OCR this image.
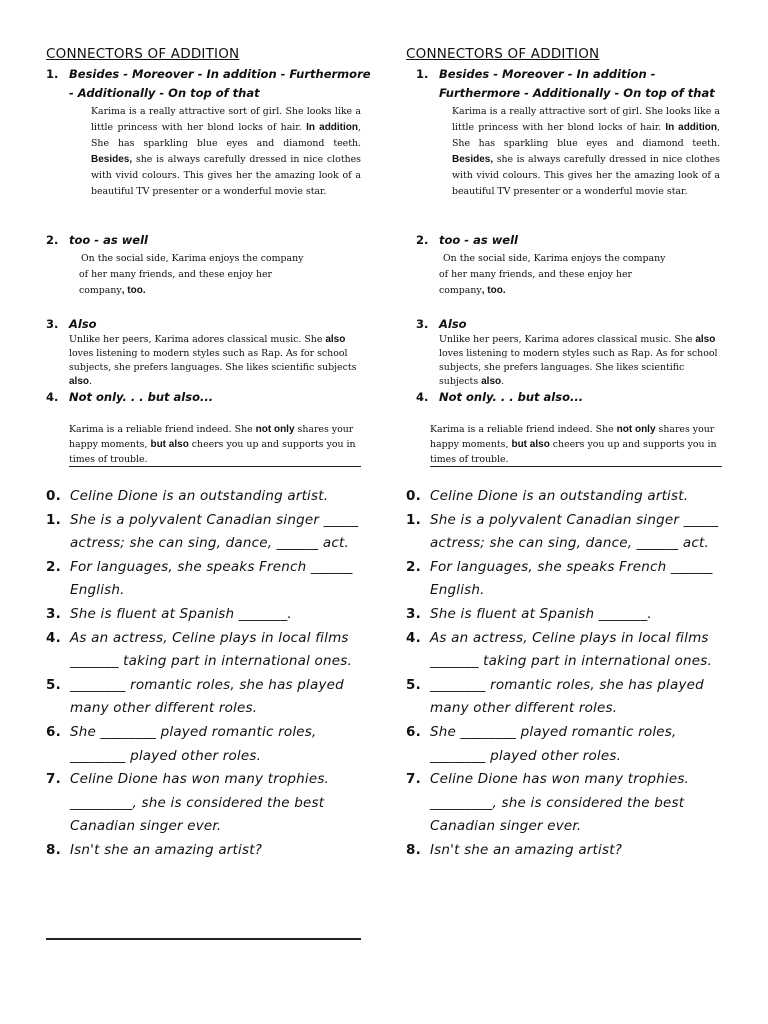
CONNECTORS OF ADDITION
1. Besides - Moreover - In addition - Furthermore
- Additionally - On top of that
Karima is a really attractive sort of girl. She looks like a little princess with her blond locks of hair. In addition, She has sparkling blue eyes and diamond teeth. Besides, she is always carefully dressed in nice clothes with vivid colours. This gives her the amazing look of a beautiful TV presenter or a wonderful movie star.
2. too - as well
On the social side, Karima enjoys the company
of her many friends, and these enjoy her
company, too.
3. Also
Unlike her peers, Karima adores classical music. She also loves listening to modern styles such as Rap. As for school subjects, she prefers languages. She likes scientific subjects also.
4. Not only. . . but also...
Karima is a reliable friend indeed. She not only shares your happy moments, but also cheers you up and supports you in times of trouble.
0. Celine Dione is an outstanding artist.
1. She is a polyvalent Canadian singer _____ actress; she can sing, dance, ______ act.
2. For languages, she speaks French ______ English.
3. She is fluent at Spanish _______.
4. As an actress, Celine plays in local films _______ taking part in international ones.
5. ________ romantic roles, she has played many other different roles.
6. She ________ played romantic roles, ________ played other roles.
7. Celine Dione has won many trophies. _________, she is considered the best Canadian singer ever.
8. Isn't she an amazing artist?
CONNECTORS OF ADDITION
1. Besides - Moreover - In addition -
Furthermore - Additionally - On top of that
Karima is a really attractive sort of girl. She looks like a little princess with her blond locks of hair. In addition, She has sparkling blue eyes and diamond teeth. Besides, she is always carefully dressed in nice clothes with vivid colours. This gives her the amazing look of a beautiful TV presenter or a wonderful movie star.
2. too - as well
On the social side, Karima enjoys the company
of her many friends, and these enjoy her
company, too.
3. Also
Unlike her peers, Karima adores classical music. She also loves listening to modern styles such as Rap. As for school subjects, she prefers languages. She likes scientific subjects also.
4. Not only. . . but also...
Karima is a reliable friend indeed. She not only shares your happy moments, but also cheers you up and supports you in times of trouble.
0. Celine Dione is an outstanding artist.
1. She is a polyvalent Canadian singer _____ actress; she can sing, dance, ______ act.
2. For languages, she speaks French ______ English.
3. She is fluent at Spanish _______.
4. As an actress, Celine plays in local films _______ taking part in international ones.
5. ________ romantic roles, she has played many other different roles.
6. She ________ played romantic roles, ________ played other roles.
7. Celine Dione has won many trophies. _________, she is considered the best Canadian singer ever.
8. Isn't she an amazing artist?
